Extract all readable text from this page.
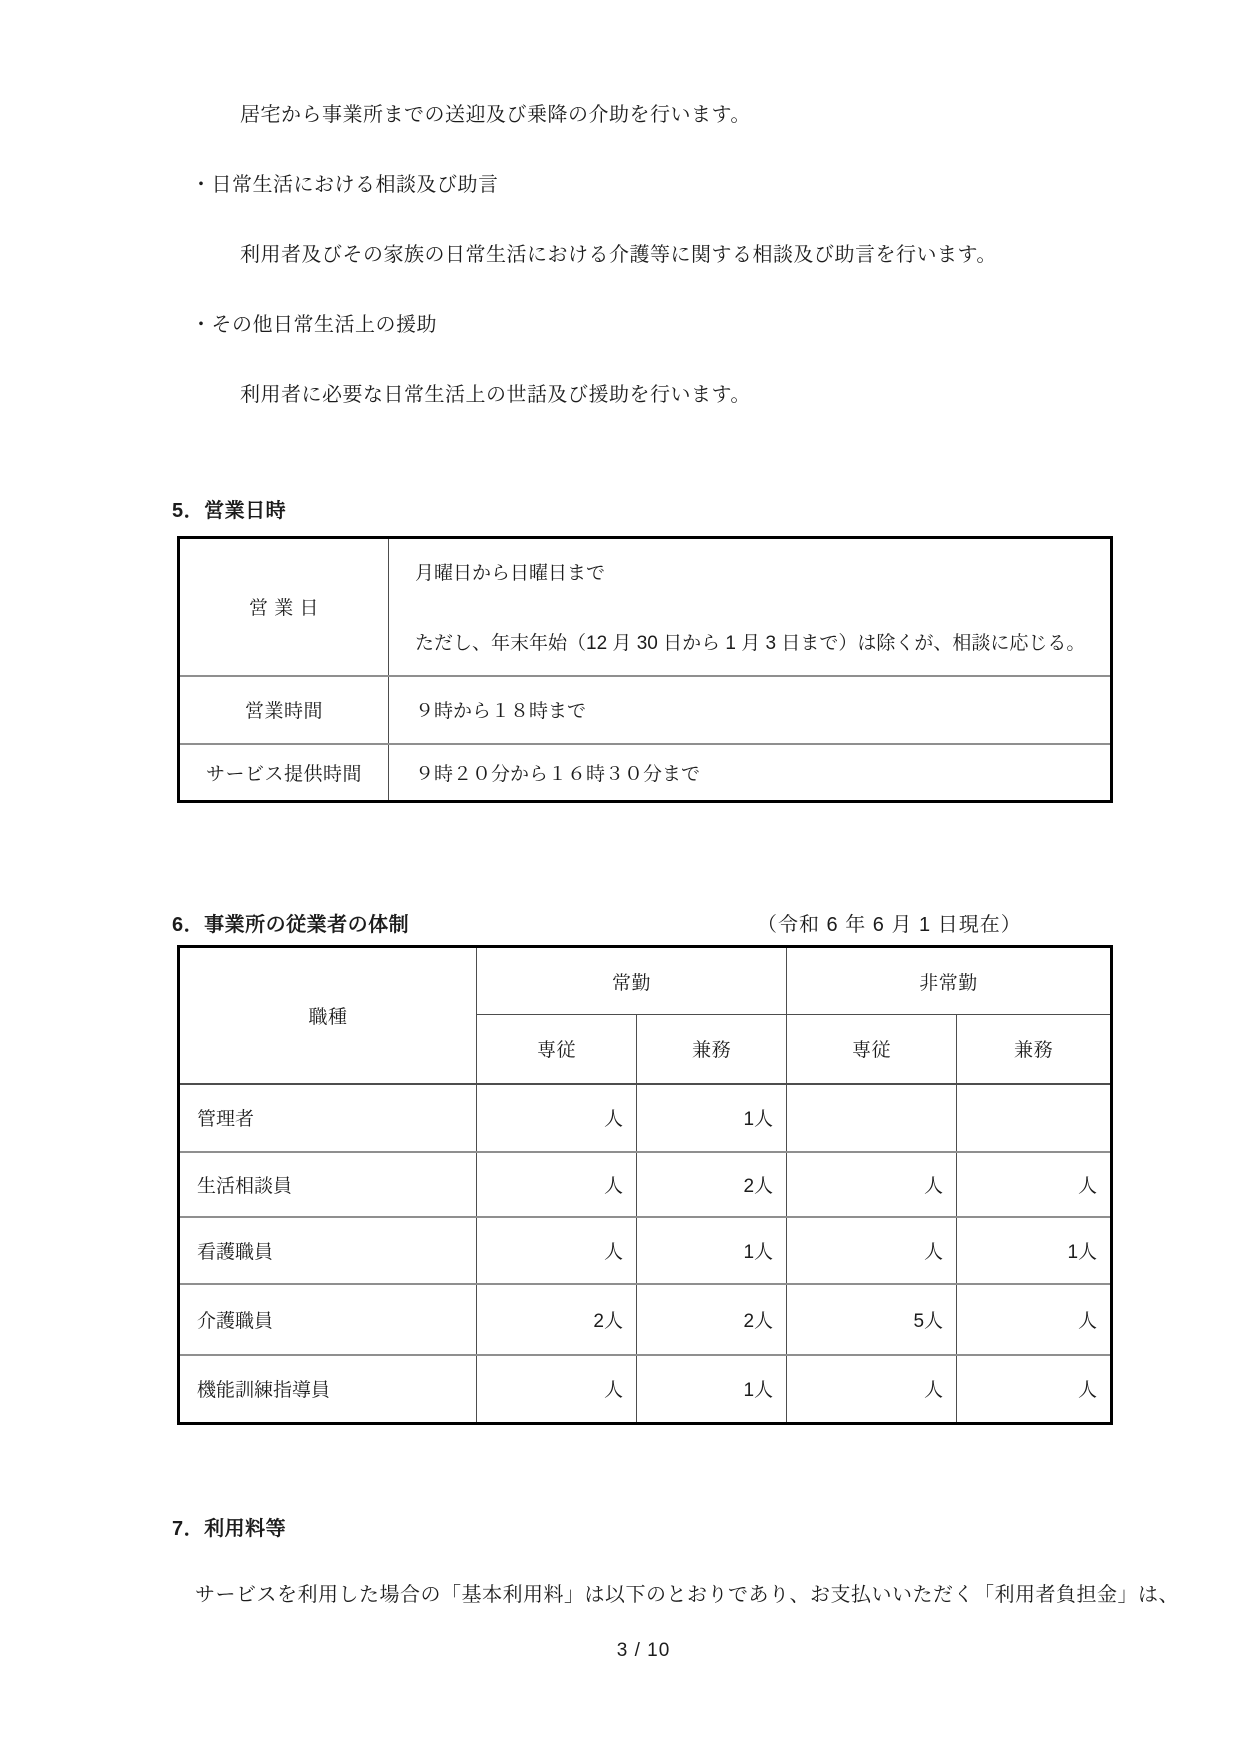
居宅から事業所までの送迎及び乗降の介助を行います。

・日常生活における相談及び助言

利用者及びその家族の日常生活における介護等に関する相談及び助言を行います。

・その他日常生活上の援助

利用者に必要な日常生活上の世話及び援助を行います。

5．営業日時
営 業 日	月曜日から日曜日まで
ただし、年末年始（12 月 30 日から 1 月 3 日まで）は除くが、相談に応じる。

営業時間	９時から１８時まで
サービス提供時間	９時２０分から１６時３０分まで
6．事業所の従業者の体制	（令和 6 年 6 月 1 日現在）
職種	常勤		非常勤	
	専従	兼務	専従	兼務
管理者	人	1人		
生活相談員	人	2人	人	人
看護職員	人	1人	人	1人
介護職員	2人	2人	5人	人
機能訓練指導員	人	1人	人	人
7．利用料等

サービスを利用した場合の「基本利用料」は以下のとおりであり、お支払いいただく「利用者負担金」は、

3 / 10
